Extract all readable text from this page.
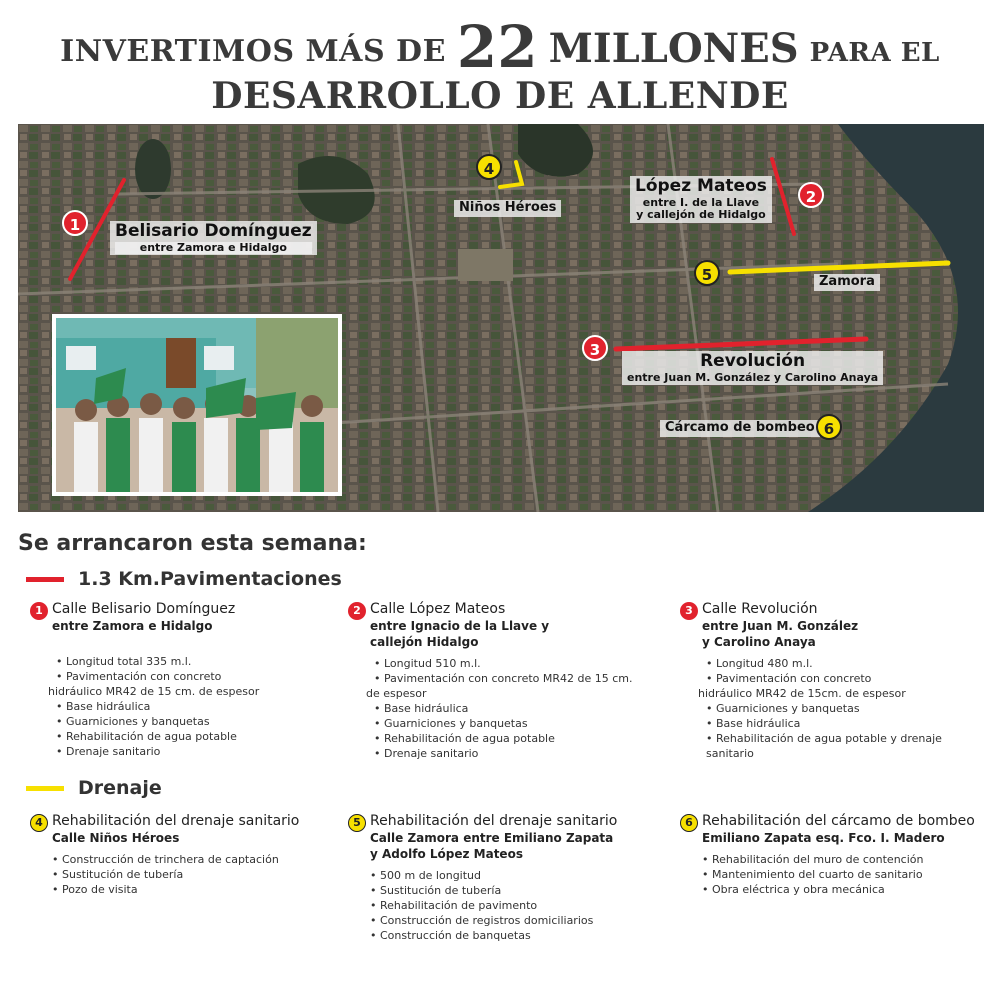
INVERTIMOS MÁS DE 22 MILLONES PARA EL
DESARROLLO DE ALLENDE
Belisario Domínguez
entre Zamora e Hidalgo
Niños Héroes
López Mateos
entre I. de la Llave
y callejón de Hidalgo
Zamora
Revolución
entre Juan M. González y Carolino Anaya
Cárcamo de bombeo
1
2
3
4
5
6
Se arrancaron esta semana:
1.3 Km.Pavimentaciones
1 Calle Belisario Domínguez
entre Zamora e Hidalgo
• Longitud total 335 m.l.
• Pavimentación con concreto
hidráulico MR42 de 15 cm. de espesor
• Base hidráulica
• Guarniciones y banquetas
• Rehabilitación de agua potable
• Drenaje sanitario
2 Calle López Mateos
entre Ignacio de la Llave y
callejón Hidalgo
• Longitud 510 m.l.
• Pavimentación con concreto MR42 de 15 cm.
de espesor
• Base hidráulica
• Guarniciones y banquetas
• Rehabilitación de agua potable
• Drenaje sanitario
3 Calle Revolución
entre Juan M. González
y Carolino Anaya
• Longitud 480 m.l.
• Pavimentación con concreto
hidráulico MR42 de 15cm. de espesor
• Guarniciones y banquetas
• Base hidráulica
• Rehabilitación de agua potable y drenaje sanitario
Drenaje
4 Rehabilitación del drenaje sanitario
Calle Niños Héroes
• Construcción de trinchera de captación
• Sustitución de tubería
• Pozo de visita
5 Rehabilitación del drenaje sanitario
Calle Zamora entre Emiliano Zapata
y Adolfo López Mateos
• 500 m de longitud
• Sustitución de tubería
• Rehabilitación de pavimento
• Construcción de registros domiciliarios
• Construcción de banquetas
6 Rehabilitación del cárcamo de bombeo
Emiliano Zapata esq. Fco. I. Madero
• Rehabilitación del muro de contención
• Mantenimiento del cuarto de sanitario
• Obra eléctrica y obra mecánica
